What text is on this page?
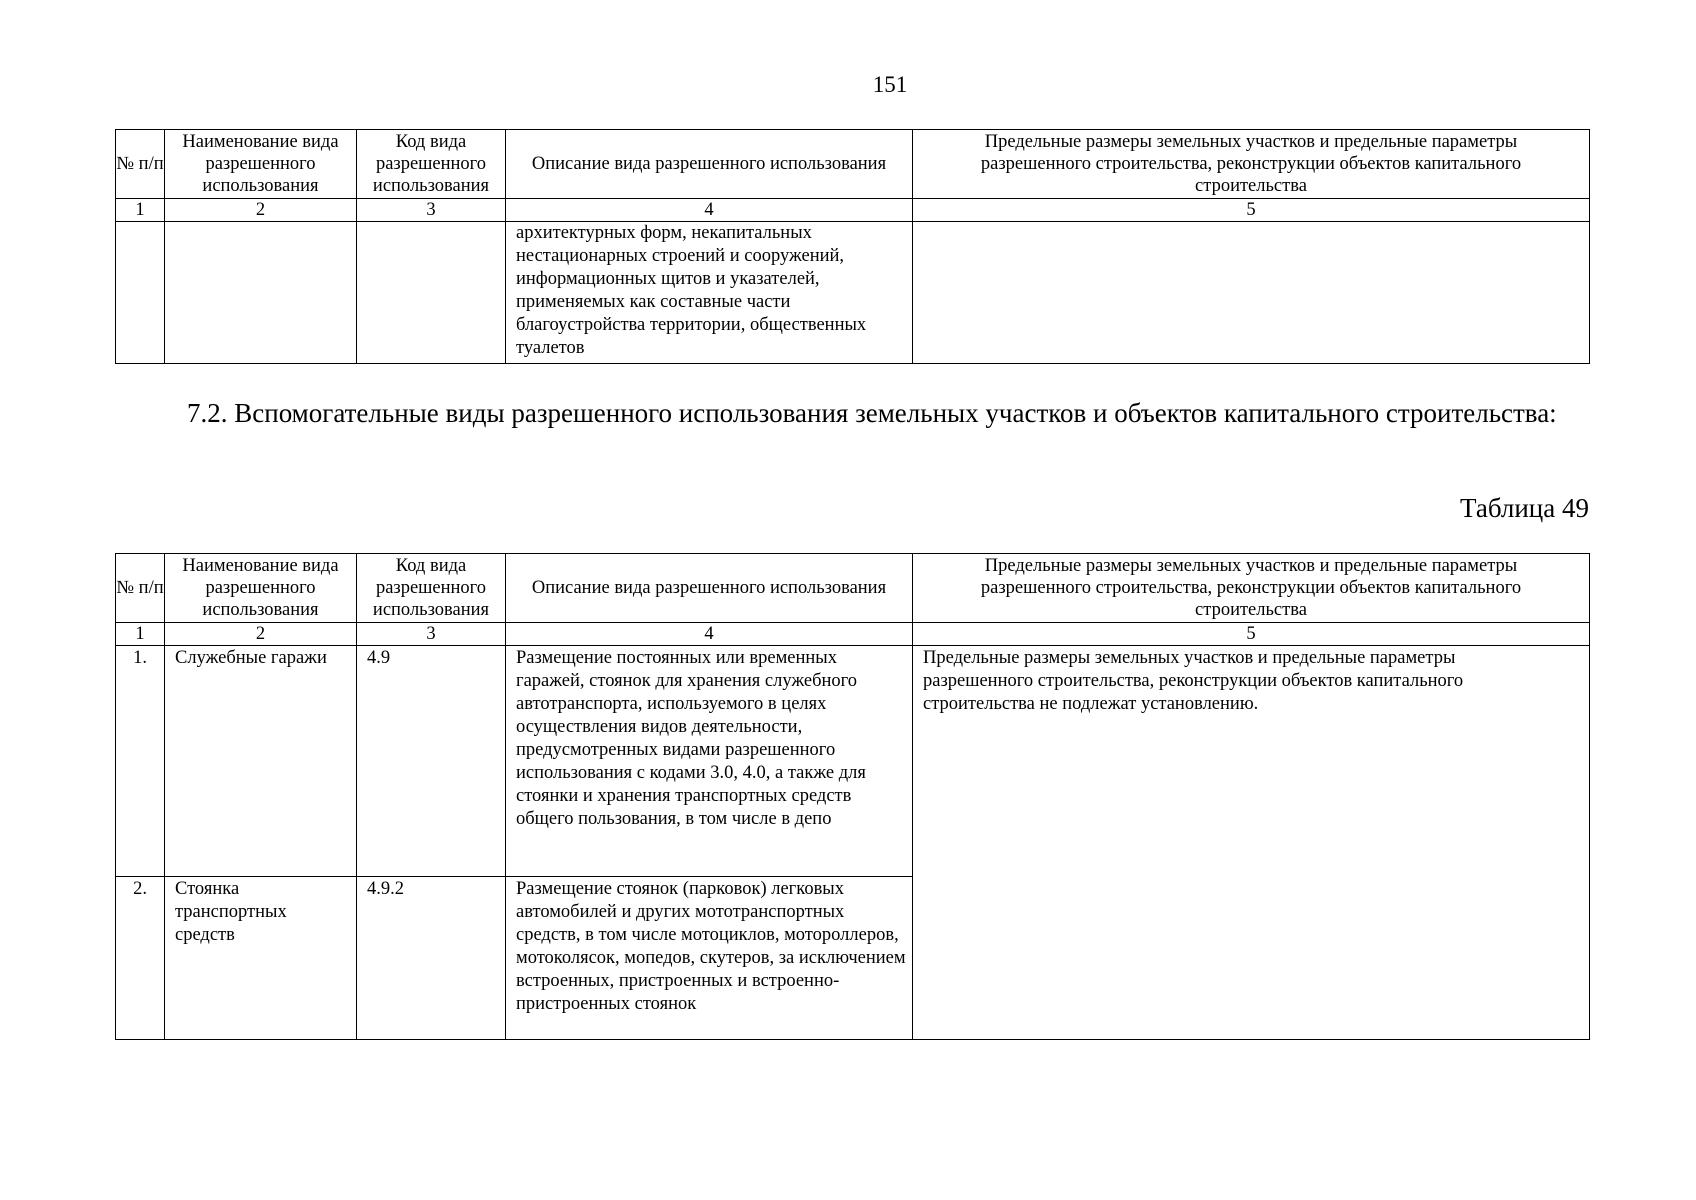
151
№ п/п	Наименование вида разрешенного использования	Код вида разрешенного использования	Описание вида разрешенного использования	Предельные размеры земельных участков и предельные параметры разрешенного строительства, реконструкции объектов капитального строительства
1	2	3	4	5
			архитектурных форм, некапитальных нестационарных строений и сооружений, информационных щитов и указателей, применяемых как составные части благоустройства территории, общественных туалетов	
7.2. Вспомогательные виды разрешенного использования земельных участков и объектов капитального строительства:
Таблица 49
№ п/п	Наименование вида разрешенного использования	Код вида разрешенного использования	Описание вида разрешенного использования	Предельные размеры земельных участков и предельные параметры разрешенного строительства, реконструкции объектов капитального строительства
1	2	3	4	5
1.	Служебные гаражи	4.9	Размещение постоянных или временных гаражей, стоянок для хранения служебного автотранспорта, используемого в целях осуществления видов деятельности, предусмотренных видами разрешенного использования с кодами 3.0, 4.0, а также для стоянки и хранения транспортных средств общего пользования, в том числе в депо	Предельные размеры земельных участков и предельные параметры разрешенного строительства, реконструкции объектов капитального строительства не подлежат установлению.
2.	Стоянка транспортных средств	4.9.2	Размещение стоянок (парковок) легковых автомобилей и других мототранспортных средств, в том числе мотоциклов, мотороллеров, мотоколясок, мопедов, скутеров, за исключением встроенных, пристроенных и встроенно-пристроенных стоянок	
